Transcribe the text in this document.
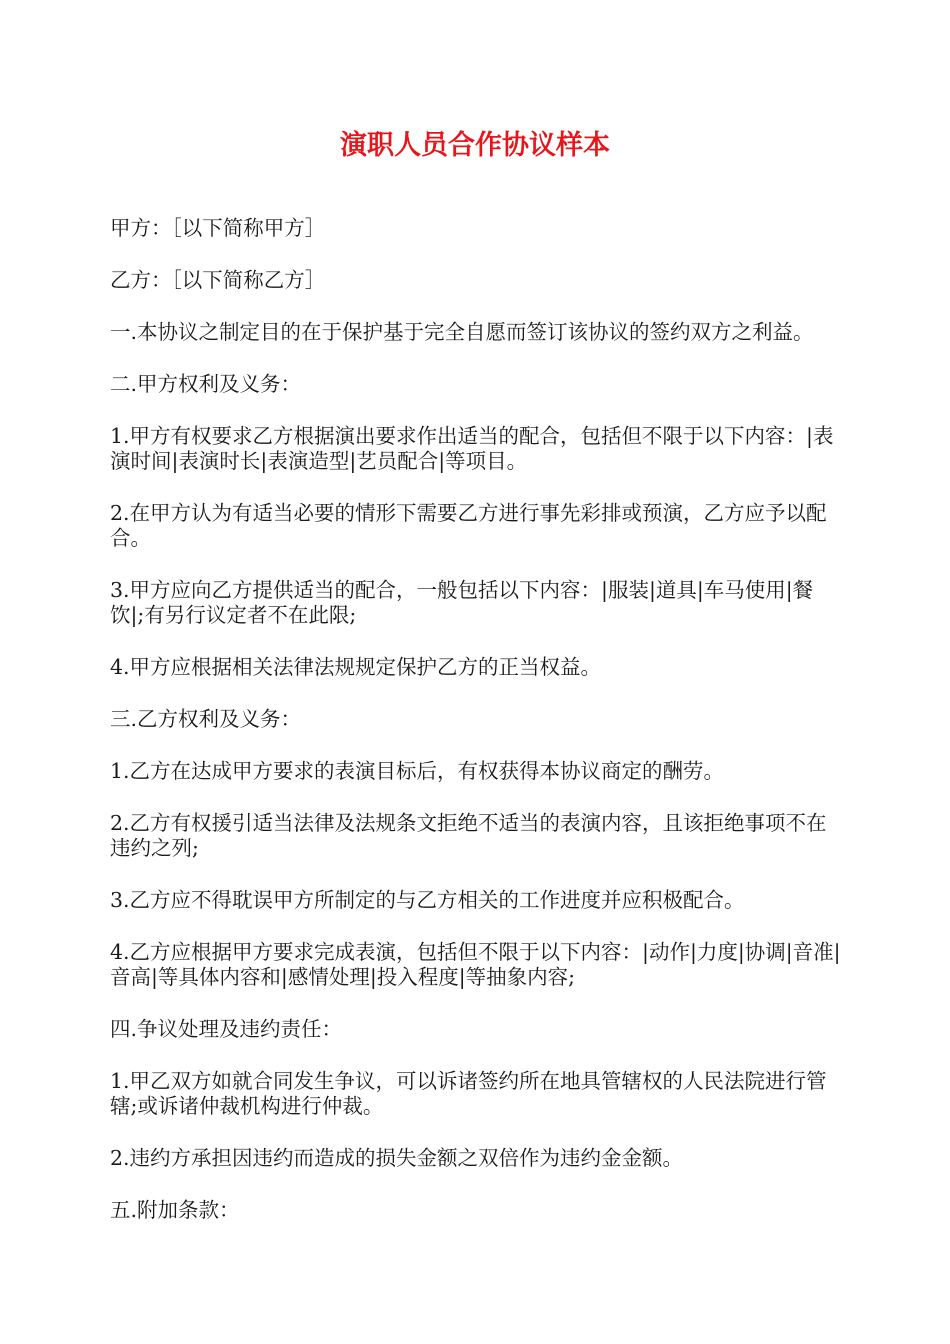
演职人员合作协议样本

甲方：［以下简称甲方］

乙方：［以下简称乙方］

一.本协议之制定目的在于保护基于完全自愿而签订该协议的签约双方之利益。

二.甲方权利及义务：

1.甲方有权要求乙方根据演出要求作出适当的配合，包括但不限于以下内容：|表演时间|表演时长|表演造型|艺员配合|等项目。

2.在甲方认为有适当必要的情形下需要乙方进行事先彩排或预演，乙方应予以配合。

3.甲方应向乙方提供适当的配合，一般包括以下内容：|服装|道具|车马使用|餐饮|;有另行议定者不在此限;

4.甲方应根据相关法律法规规定保护乙方的正当权益。

三.乙方权利及义务：

1.乙方在达成甲方要求的表演目标后，有权获得本协议商定的酬劳。

2.乙方有权援引适当法律及法规条文拒绝不适当的表演内容，且该拒绝事项不在违约之列;

3.乙方应不得耽误甲方所制定的与乙方相关的工作进度并应积极配合。

4.乙方应根据甲方要求完成表演，包括但不限于以下内容：|动作|力度|协调|音准|音高|等具体内容和|感情处理|投入程度|等抽象内容;

四.争议处理及违约责任：

1.甲乙双方如就合同发生争议，可以诉诸签约所在地具管辖权的人民法院进行管辖;或诉诸仲裁机构进行仲裁。

2.违约方承担因违约而造成的损失金额之双倍作为违约金金额。

五.附加条款：
